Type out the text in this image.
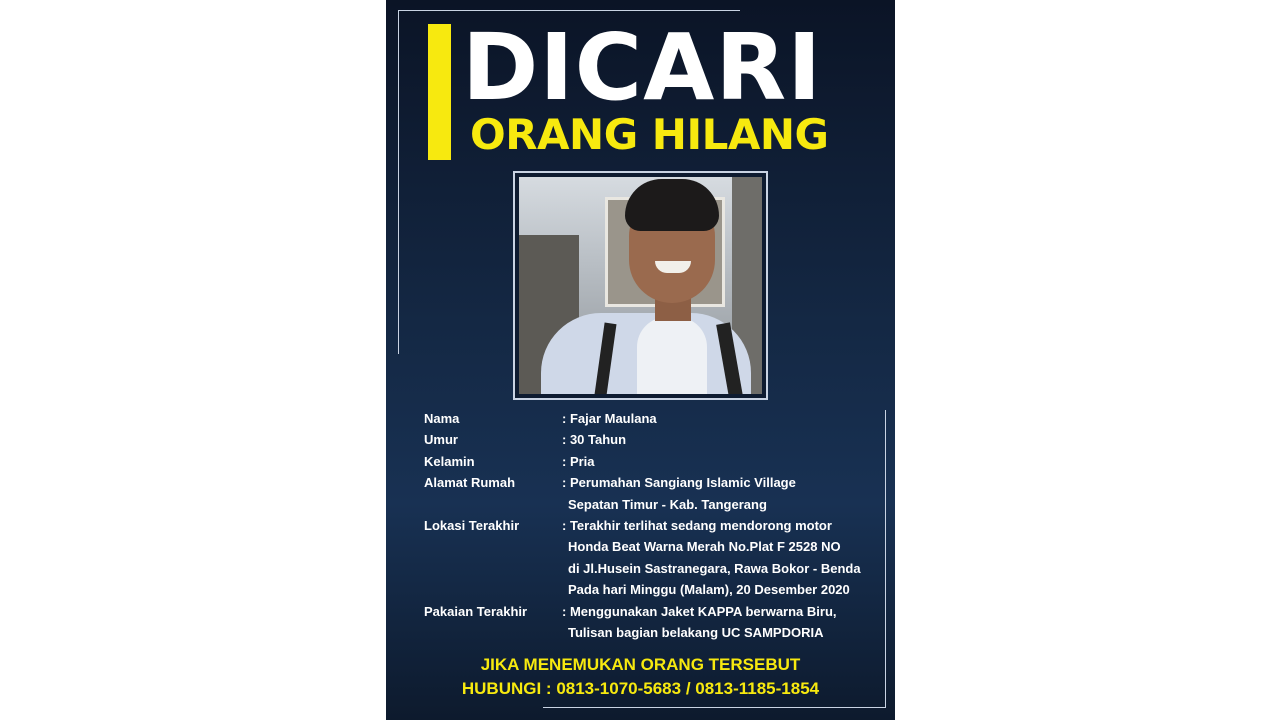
DICARI
ORANG HILANG
Nama	: Fajar Maulana
Umur	: 30 Tahun
Kelamin	: Pria
Alamat Rumah	: Perumahan Sangiang Islamic Village
Sepatan Timur - Kab. Tangerang
Lokasi Terakhir	: Terakhir terlihat sedang mendorong motor
Honda Beat Warna Merah No.Plat F 2528 NO
di Jl.Husein Sastranegara, Rawa Bokor - Benda
Pada hari Minggu (Malam), 20 Desember 2020
Pakaian Terakhir	: Menggunakan Jaket KAPPA berwarna Biru,
Tulisan bagian belakang UC SAMPDORIA
JIKA MENEMUKAN ORANG TERSEBUT
HUBUNGI : 0813-1070-5683 / 0813-1185-1854
